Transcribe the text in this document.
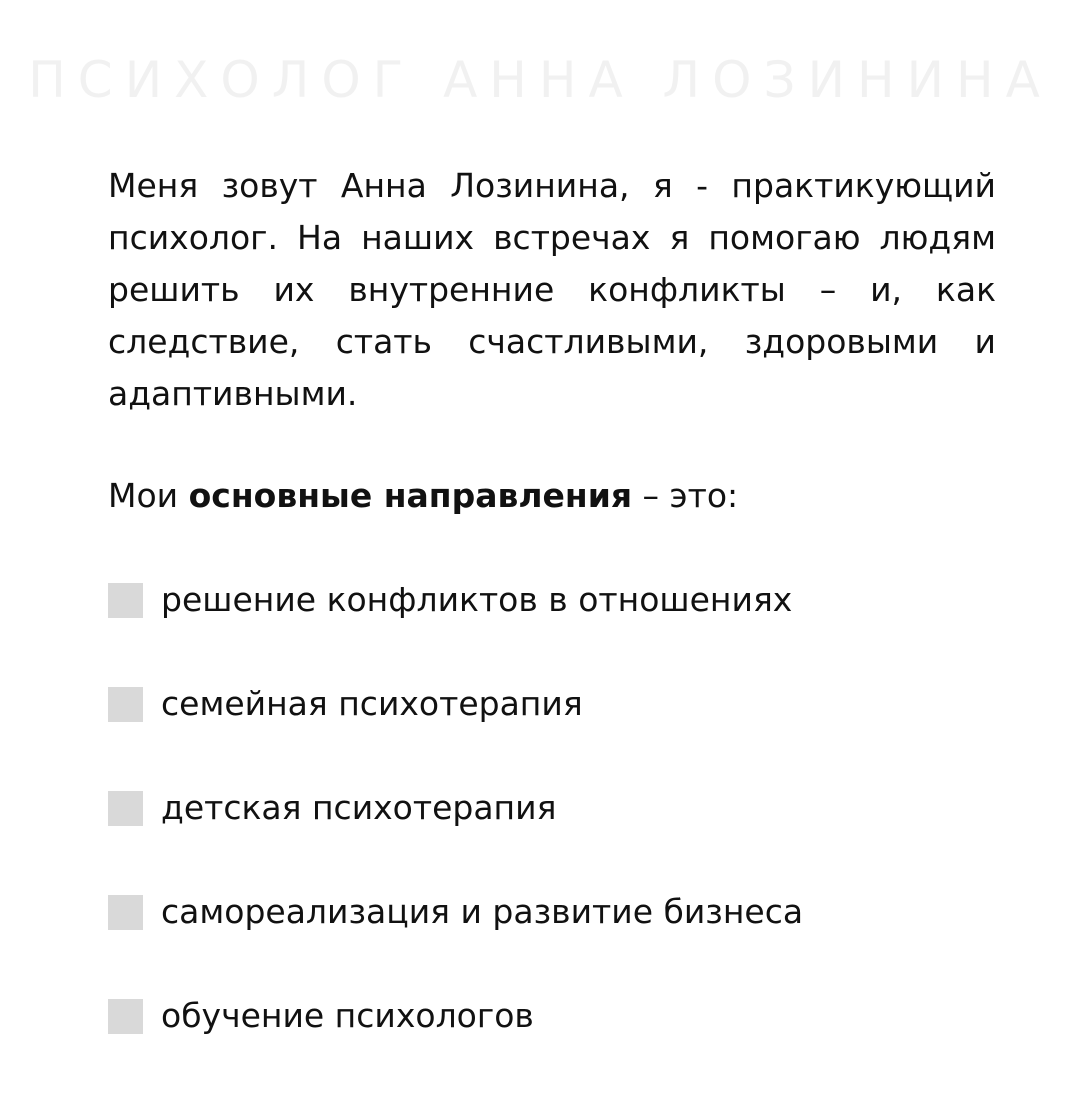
ПСИХОЛОГ АННА ЛОЗИНИНА
Меня зовут Анна Лозинина, я - практикующий психолог. На наших встречах я помогаю людям решить их внутренние конфликты – и, как следствие, стать счастливыми, здоровыми и адаптивными.
Мои основные направления – это:
решение конфликтов в отношениях
семейная психотерапия
детская психотерапия
самореализация и развитие бизнеса
обучение психологов
